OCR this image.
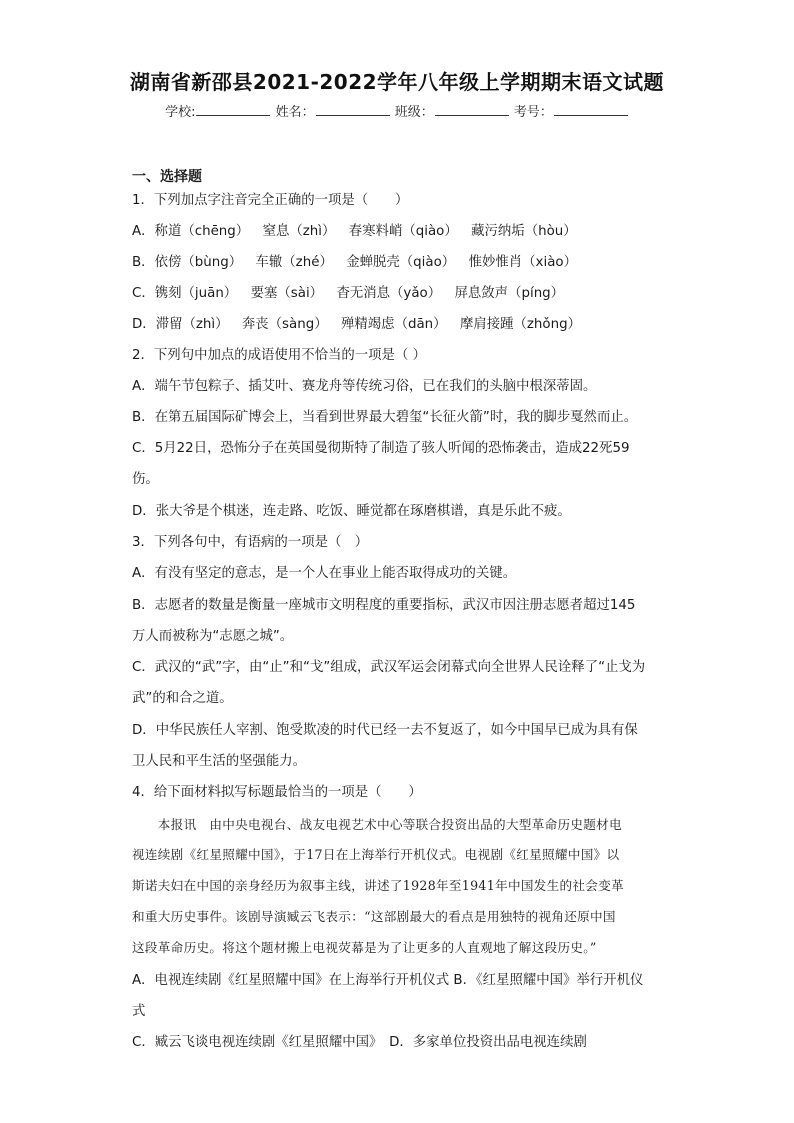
湖南省新邵县2021-2022学年八年级上学期期末语文试题
学校:	姓名：	班级：	考号：
一、选择题
1．下列加点字注音完全正确的一项是（　　）
A．称道（chēng）　 窒息（zhì）　 春寒料峭（qiào）　 藏污纳垢（hòu）
B．依傍（bùng）　 车辙（zhé）　 金蝉脱壳（qiào）　 惟妙惟肖（xiào）
C．镌刻（juān）　 要塞（sài）　 杳无消息（yǎo）　 屏息敛声（píng）
D．滞留（zhì）　 奔丧（sàng）　 殚精竭虑（dān）　 摩肩接踵（zhǒng）
2．下列句中加点的成语使用不恰当的一项是（ ）
A．端午节包粽子、插艾叶、赛龙舟等传统习俗，已在我们的头脑中根深蒂固。
B．在第五届国际矿博会上，当看到世界最大碧玺“长征火箭”时，我的脚步戛然而止。
C．5月22日，恐怖分子在英国曼彻斯特了制造了骇人听闻的恐怖袭击，造成22死59
伤。
D．张大爷是个棋迷，连走路、吃饭、睡觉都在琢磨棋谱，真是乐此不疲。
3．下列各句中，有语病的一项是（　）
A．有没有坚定的意志，是一个人在事业上能否取得成功的关键。
B．志愿者的数量是衡量一座城市文明程度的重要指标，武汉市因注册志愿者超过145
万人而被称为“志愿之城”。
C．武汉的“武”字，由“止”和“戈”组成，武汉军运会闭幕式向全世界人民诠释了“止戈为
武”的和合之道。
D．中华民族任人宰割、饱受欺凌的时代已经一去不复返了，如今中国早已成为具有保
卫人民和平生活的坚强能力。
4．给下面材料拟写标题最恰当的一项是（　　）
　　本报讯　由中央电视台、战友电视艺术中心等联合投资出品的大型革命历史题材电
视连续剧《红星照耀中国》，于17日在上海举行开机仪式。电视剧《红星照耀中国》以
斯诺夫妇在中国的亲身经历为叙事主线，讲述了1928年至1941年中国发生的社会变革
和重大历史事件。该剧导演臧云飞表示：“这部剧最大的看点是用独特的视角还原中国
这段革命历史。将这个题材搬上电视荧幕是为了让更多的人直观地了解这段历史。”
A．电视连续剧《红星照耀中国》在上海举行开机仪式 B．《红星照耀中国》举行开机仪
式
C．臧云飞谈电视连续剧《红星照耀中国》　D．多家单位投资出品电视连续剧
